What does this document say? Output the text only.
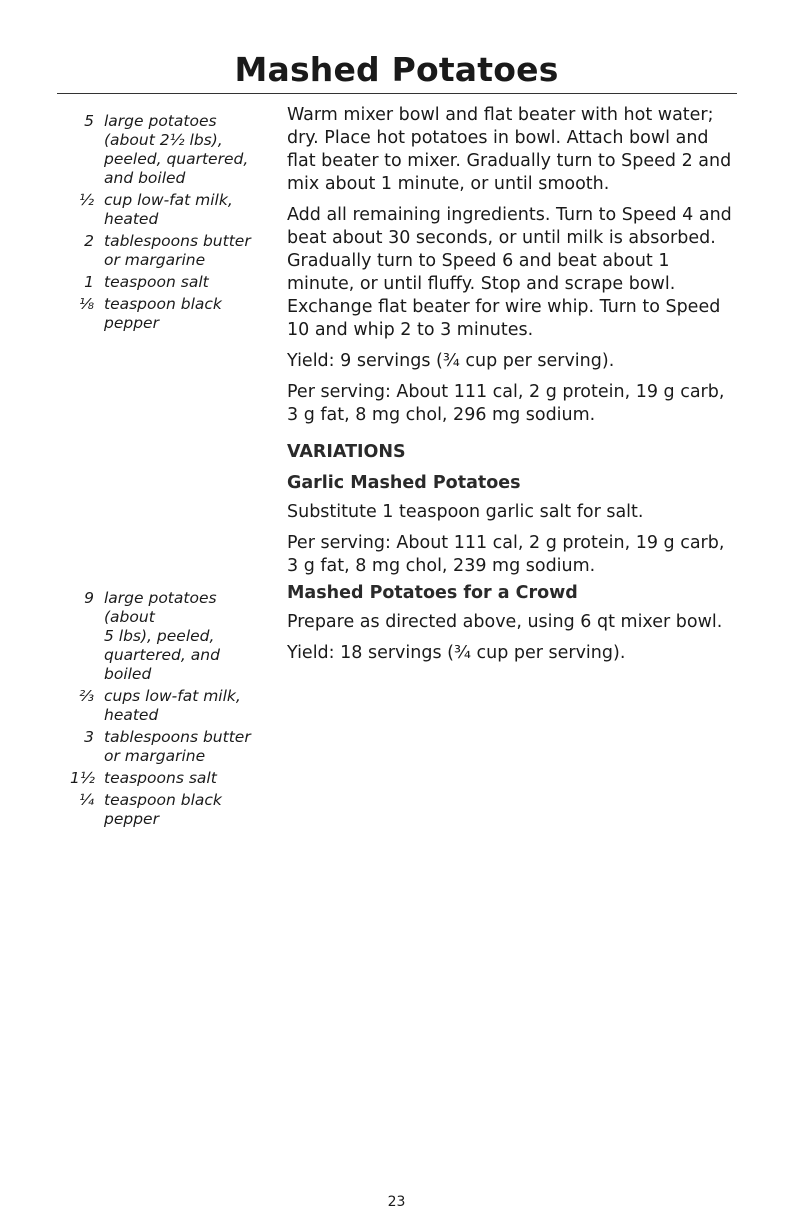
Mashed Potatoes
5 large potatoes
(about 2½ lbs),
peeled, quartered,
and boiled
½ cup low-fat milk,
heated
2 tablespoons butter
or margarine
1 teaspoon salt
⅛ teaspoon black
pepper
9 large potatoes
(about
5 lbs), peeled,
quartered, and
boiled
⅔ cups low-fat milk,
heated
3 tablespoons butter
or margarine
1½ teaspoons salt
¼ teaspoon black
pepper

Warm mixer bowl and flat beater with hot water; dry. Place hot potatoes in bowl. Attach bowl and flat beater to mixer. Gradually turn to Speed 2 and mix about 1 minute, or until smooth.

Add all remaining ingredients. Turn to Speed 4 and beat about 30 seconds, or until milk is absorbed. Gradually turn to Speed 6 and beat about 1 minute, or until fluffy. Stop and scrape bowl. Exchange flat beater for wire whip. Turn to Speed 10 and whip 2 to 3 minutes.

Yield: 9 servings (¾ cup per serving).

Per serving: About 111 cal, 2 g protein, 19 g carb, 3 g fat, 8 mg chol, 296 mg sodium.

VARIATIONS
Garlic Mashed Potatoes

Substitute 1 teaspoon garlic salt for salt.

Per serving: About 111 cal, 2 g protein, 19 g carb, 3 g fat, 8 mg chol, 239 mg sodium.

Mashed Potatoes for a Crowd

Prepare as directed above, using 6 qt mixer bowl.

Yield: 18 servings (¾ cup per serving).

23
